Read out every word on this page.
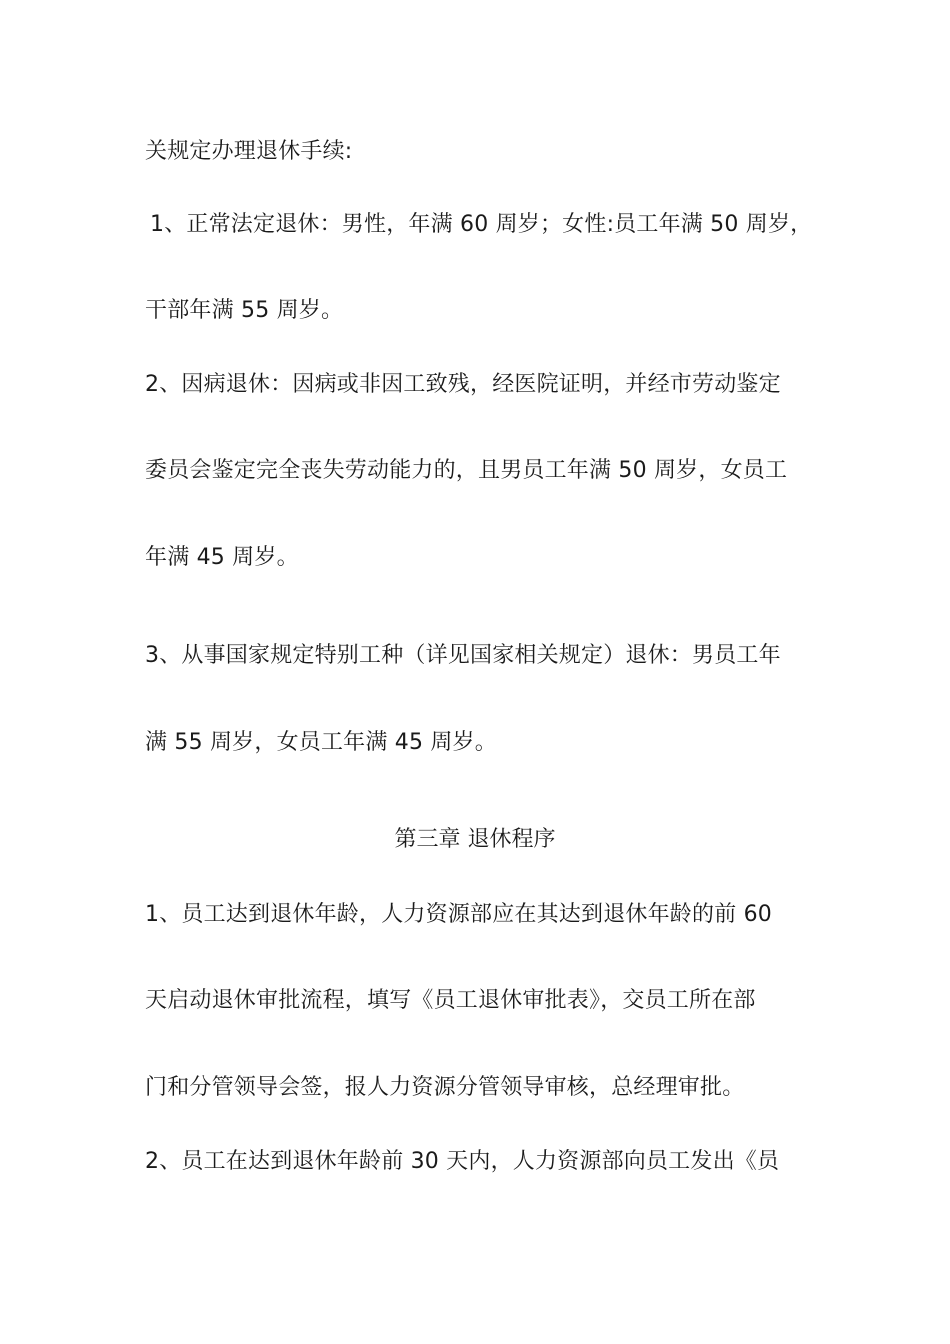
关规定办理退休手续:
1、正常法定退休：男性，年满 60 周岁；女性:员工年满 50 周岁，
干部年满 55 周岁。
2、因病退休：因病或非因工致残，经医院证明，并经市劳动鉴定
委员会鉴定完全丧失劳动能力的，且男员工年满 50 周岁，女员工
年满 45 周岁。
3、从事国家规定特别工种（详见国家相关规定）退休：男员工年
满 55 周岁，女员工年满 45 周岁。
第三章 退休程序
1、员工达到退休年龄，人力资源部应在其达到退休年龄的前 60
天启动退休审批流程，填写《员工退休审批表》，交员工所在部
门和分管领导会签，报人力资源分管领导审核，总经理审批。
2、员工在达到退休年龄前 30 天内，人力资源部向员工发出《员
